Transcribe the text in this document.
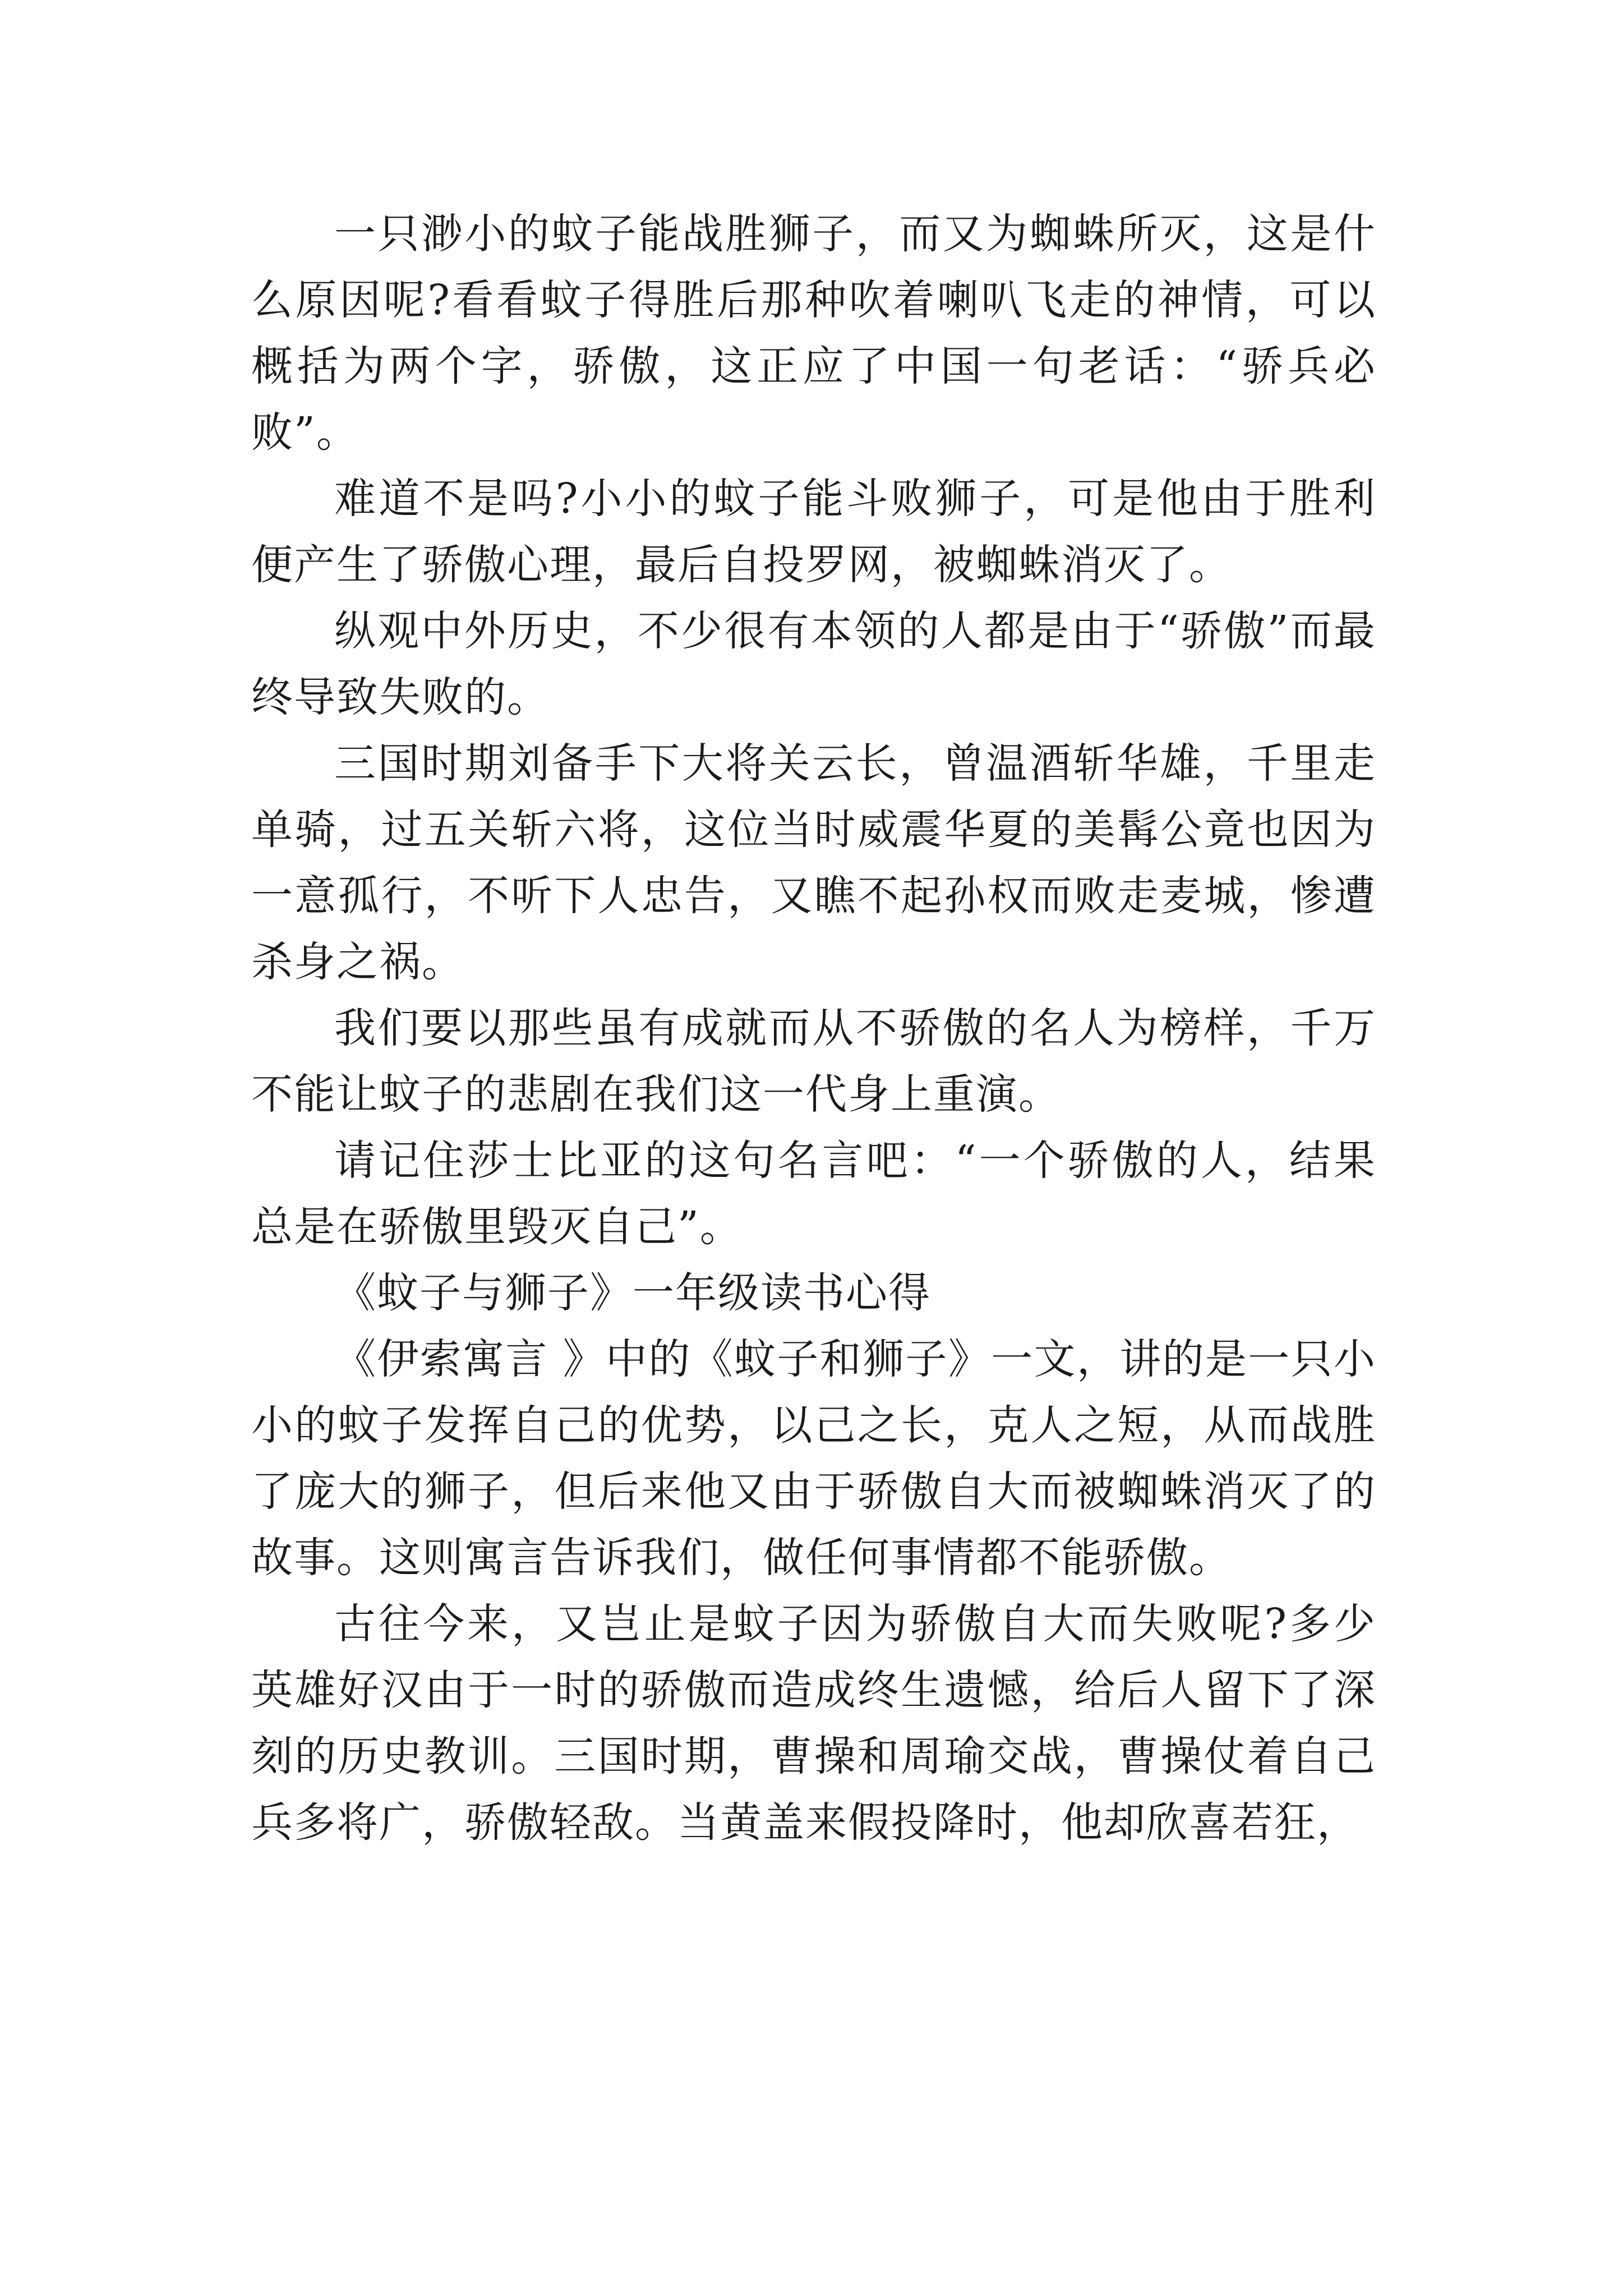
一只渺小的蚊子能战胜狮子，而又为蜘蛛所灭，这是什么原因呢?看看蚊子得胜后那种吹着喇叭飞走的神情，可以概括为两个字，骄傲，这正应了中国一句老话：“骄兵必败”。

难道不是吗?小小的蚊子能斗败狮子，可是他由于胜利便产生了骄傲心理，最后自投罗网，被蜘蛛消灭了。

纵观中外历史，不少很有本领的人都是由于“骄傲”而最终导致失败的。

三国时期刘备手下大将关云长，曾温酒斩华雄，千里走单骑，过五关斩六将，这位当时威震华夏的美髯公竟也因为一意孤行，不听下人忠告，又瞧不起孙权而败走麦城，惨遭杀身之祸。

我们要以那些虽有成就而从不骄傲的名人为榜样，千万不能让蚊子的悲剧在我们这一代身上重演。

请记住莎士比亚的这句名言吧：“一个骄傲的人，结果总是在骄傲里毁灭自己”。

《蚊子与狮子》一年级读书心得

《伊索寓言 》中的《蚊子和狮子》一文，讲的是一只小小的蚊子发挥自己的优势，以己之长，克人之短，从而战胜了庞大的狮子，但后来他又由于骄傲自大而被蜘蛛消灭了的故事。这则寓言告诉我们，做任何事情都不能骄傲。

古往今来，又岂止是蚊子因为骄傲自大而失败呢?多少英雄好汉由于一时的骄傲而造成终生遗憾，给后人留下了深刻的历史教训。三国时期，曹操和周瑜交战，曹操仗着自己兵多将广，骄傲轻敌。当黄盖来假投降时，他却欣喜若狂，
